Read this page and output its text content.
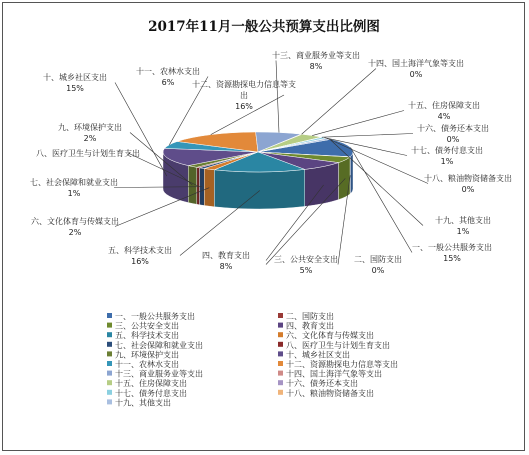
2017年11月一般公共预算支出比例图
一、一般公共服务支出 15%
二、国防支出 0%
三、公共安全支出 5%
四、教育支出 8%
五、科学技术支出 16%
六、文化体育与传媒支出 2%
七、社会保障和就业支出 1%
八、医疗卫生与计划生育支出
九、环境保护支出 2%
十、城乡社区支出 15%
十一、农林水支出 6%	十二、资源勘探电力信息等支出 16%
十三、商业服务业等支出 8%	十四、国土海洋气象等支出 0%
十五、住房保障支出 4%
十六、债务还本支出 0%
十七、债务付息支出 1%
十八、粮油物资储备支出 0%
十九、其他支出 1%
一、一般公共服务支出	二、国防支出
三、公共安全支出	四、教育支出
五、科学技术支出	六、文化体育与传媒支出
七、社会保障和就业支出	八、医疗卫生与计划生育支出
九、环境保护支出	十、城乡社区支出
十一、农林水支出	十二、资源勘探电力信息等支出
十三、商业服务业等支出	十四、国土海洋气象等支出
十五、住房保障支出	十六、债务还本支出
十七、债务付息支出	十八、粮油物资储备支出
十九、其他支出
